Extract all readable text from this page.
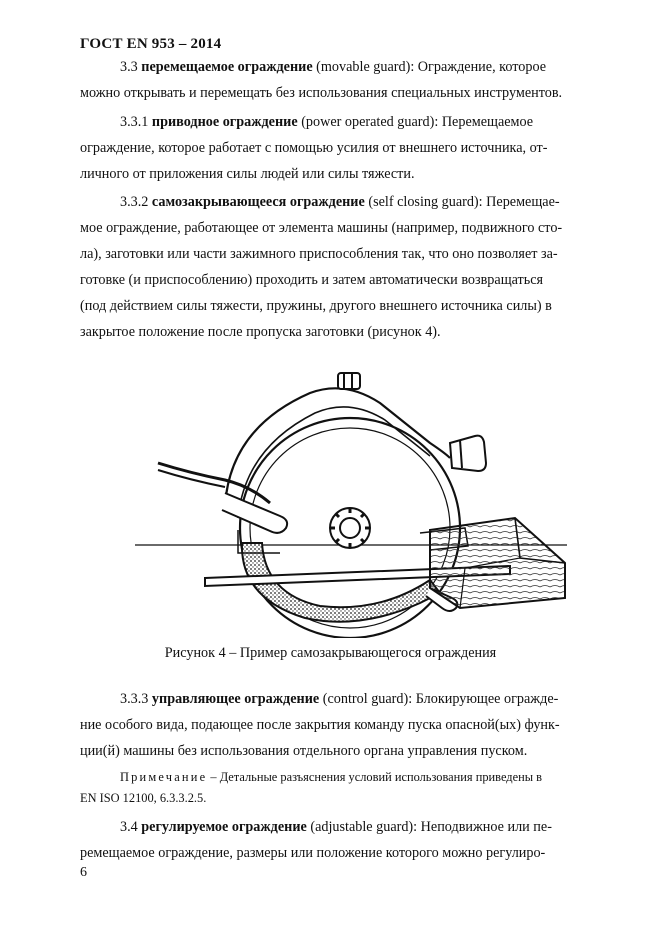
ГОСТ EN 953 – 2014
3.3 перемещаемое ограждение (movable guard): Ограждение, которое
можно открывать и перемещать без использования специальных инструментов.
3.3.1 приводное ограждение (power operated guard): Перемещаемое
ограждение, которое работает с помощью усилия от внешнего источника, от-
личного от приложения силы людей или силы тяжести.
3.3.2 самозакрывающееся ограждение (self closing guard): Перемещае-
мое ограждение, работающее от элемента машины (например, подвижного сто-
ла), заготовки или части зажимного приспособления так, что оно позволяет за-
готовке (и приспособлению) проходить и затем автоматически возвращаться
(под действием силы тяжести, пружины, другого внешнего источника силы) в
закрытое положение после пропуска заготовки (рисунок 4).
Рисунок 4 – Пример самозакрывающегося ограждения
3.3.3 управляющее ограждение (control guard): Блокирующее огражде-
ние особого вида, подающее после закрытия команду пуска опасной(ых) функ-
ции(й) машины без использования отдельного органа управления пуском.
Примечание – Детальные разъяснения условий использования приведены в
EN ISO 12100, 6.3.3.2.5.
3.4 регулируемое ограждение (adjustable guard): Неподвижное или пе-
ремещаемое ограждение, размеры или положение которого можно регулиро-
6
